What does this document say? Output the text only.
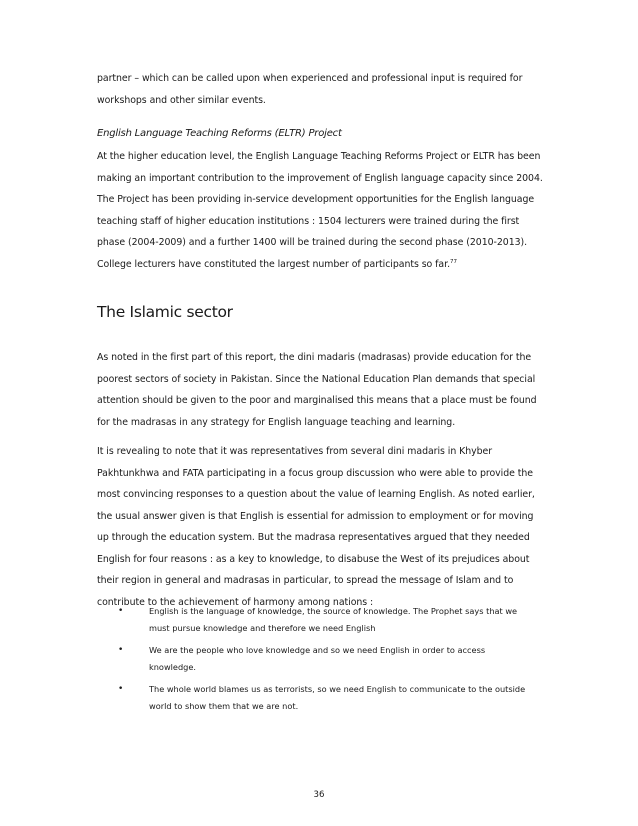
partner – which can be called upon when experienced and professional input is required for workshops and other similar events.

English Language Teaching Reforms (ELTR) Project

At the higher education level, the English Language Teaching Reforms Project or ELTR has been making an important contribution to the improvement of English language capacity since 2004. The Project has been providing in-service development opportunities for the English language teaching staff of higher education institutions : 1504 lecturers were trained during the first phase (2004-2009) and a further 1400 will be trained during the second phase (2010-2013). College lecturers have constituted the largest number of participants so far.$^{77}$

The Islamic sector

As noted in the first part of this report, the dini madaris (madrasas) provide education for the poorest sectors of society in Pakistan. Since the National Education Plan demands that special attention should be given to the poor and marginalised this means that a place must be found for the madrasas in any strategy for English language teaching and learning.

It is revealing to note that it was representatives from several dini madaris in Khyber Pakhtunkhwa and FATA participating in a focus group discussion who were able to provide the most convincing responses to a question about the value of learning English. As noted earlier, the usual answer given is that English is essential for admission to employment or for moving up through the education system. But the madrasa representatives argued that they needed English for four reasons : as a key to knowledge, to disabuse the West of its prejudices about their region in general and madrasas in particular, to spread the message of Islam and to contribute to the achievement of harmony among nations :

•	English is the language of knowledge, the source of knowledge. The Prophet says that we must pursue knowledge and therefore we need English
•	We are the people who love knowledge and so we need English in order to access knowledge.
•	The whole world blames us as terrorists, so we need English to communicate to the outside world to show them that we are not.

36
